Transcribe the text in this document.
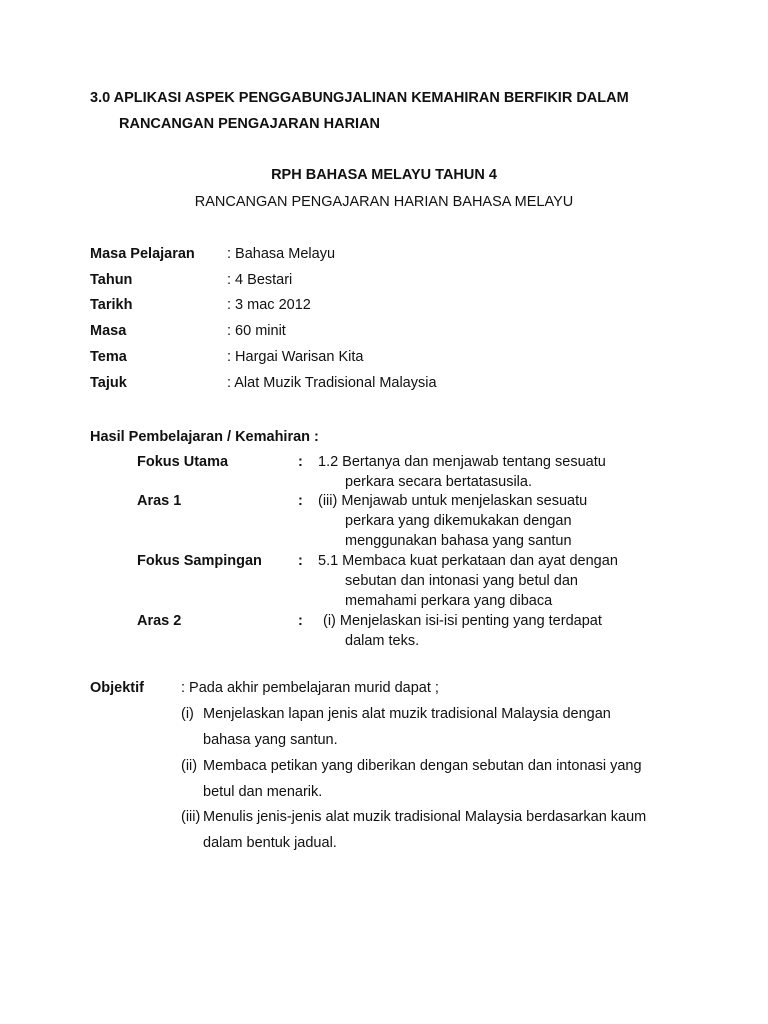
3.0 APLIKASI ASPEK PENGGABUNGJALINAN KEMAHIRAN BERFIKIR DALAM
RANCANGAN PENGAJARAN HARIAN
RPH BAHASA MELAYU TAHUN 4
RANCANGAN PENGAJARAN HARIAN BAHASA MELAYU
Masa Pelajaran : Bahasa Melayu
Tahun	: 4 Bestari
Tarikh	: 3 mac 2012
Masa	: 60 minit
Tema	: Hargai Warisan Kita
Tajuk	: Alat Muzik Tradisional Malaysia
Hasil Pembelajaran / Kemahiran :
Fokus Utama	: 1.2 Bertanya dan menjawab tentang sesuatu
perkara secara bertatasusila.
Aras 1	: (iii) Menjawab untuk menjelaskan sesuatu
perkara yang dikemukakan dengan
menggunakan bahasa yang santun
Fokus Sampingan : 5.1 Membaca kuat perkataan dan ayat dengan
sebutan dan intonasi yang betul dan
memahami perkara yang dibaca
Aras 2	: (i) Menjelaskan isi-isi penting yang terdapat
dalam teks.
Objektif	: Pada akhir pembelajaran murid dapat ;
(i) Menjelaskan lapan jenis alat muzik tradisional Malaysia dengan
bahasa yang santun.
(ii) Membaca petikan yang diberikan dengan sebutan dan intonasi yang
betul dan menarik.
(iii) Menulis jenis-jenis alat muzik tradisional Malaysia berdasarkan kaum
dalam bentuk jadual.
